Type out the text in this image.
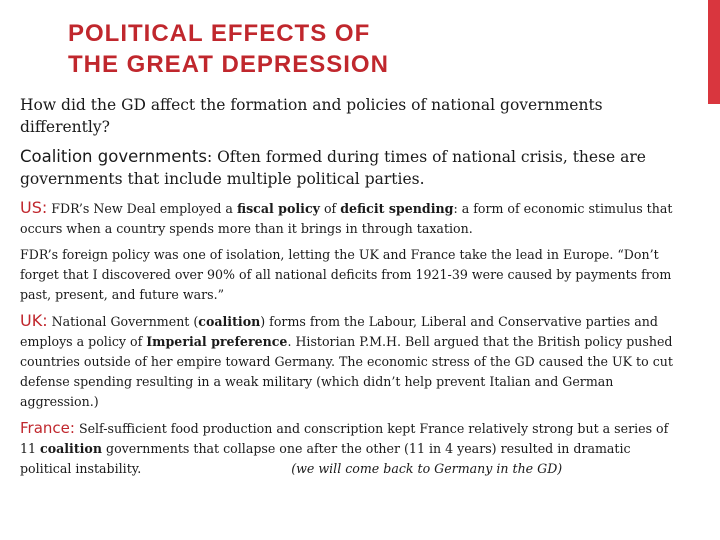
POLITICAL EFFECTS OF
THE GREAT DEPRESSION

How did the GD affect the formation and policies of national governments differently?

Coalition governments: Often formed during times of national crisis, these are governments that include multiple political parties.

US: FDR’s New Deal employed a fiscal policy of deficit spending: a form of economic stimulus that occurs when a country spends more than it brings in through taxation.

FDR’s foreign policy was one of isolation, letting the UK and France take the lead in Europe. “Don’t forget that I discovered over 90% of all national deficits from 1921-39 were caused by payments from past, present, and future wars.”

UK: National Government (coalition) forms from the Labour, Liberal and Conservative parties and employs a policy of Imperial preference. Historian P.M.H. Bell argued that the British policy pushed countries outside of her empire toward Germany. The economic stress of the GD caused the UK to cut defense spending resulting in a weak military (which didn’t help prevent Italian and German aggression.)

France: Self-sufficient food production and conscription kept France relatively strong but a series of 11 coalition governments that collapse one after the other (11 in 4 years) resulted in dramatic political instability.	(we will come back to Germany in the GD)
